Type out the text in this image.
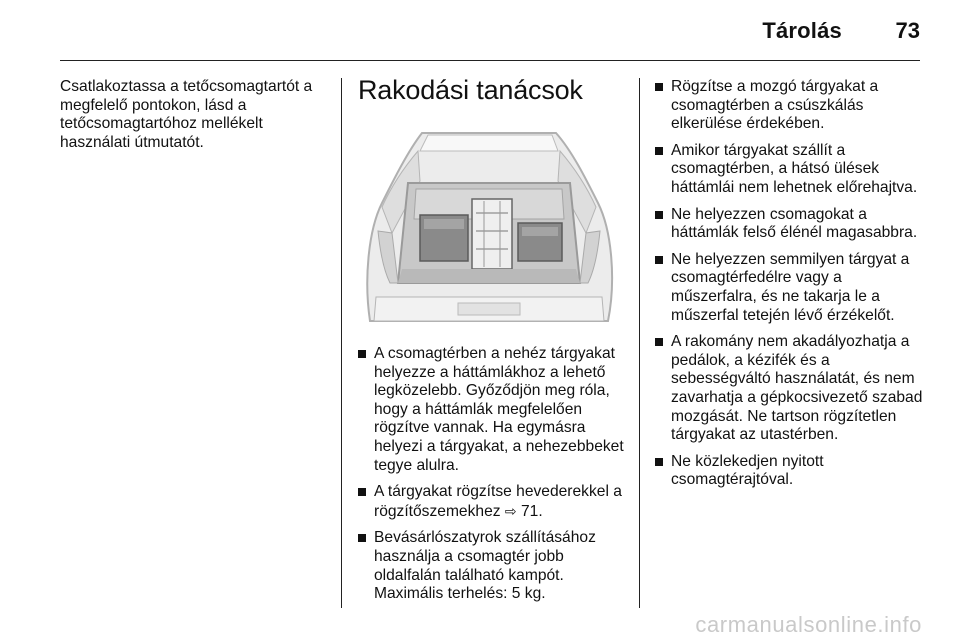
Tárolás 73

Csatlakoztassa a tetőcsomagtartót a megfelelő pontokon, lásd a tetőcsomagtartóhoz mellékelt használati útmutatót.

Rakodási tanácsok
A csomagtérben a nehéz tárgyakat helyezze a háttámlákhoz a lehető legközelebb. Győződjön meg róla, hogy a háttámlák megfelelően rögzítve vannak. Ha egymásra helyezi a tárgyakat, a nehezebbeket tegye alulra.
A tárgyakat rögzítse hevederekkel a rögzítőszemekhez ⇨ 71.
Bevásárlószatyrok szállításához használja a csomagtér jobb oldalfalán található kampót. Maximális terhelés: 5 kg.
Rögzítse a mozgó tárgyakat a csomagtérben a csúszkálás elkerülése érdekében.
Amikor tárgyakat szállít a csomagtérben, a hátsó ülések háttámlái nem lehetnek előrehajtva.
Ne helyezzen csomagokat a háttámlák felső élénél magasabbra.
Ne helyezzen semmilyen tárgyat a csomagtérfedélre vagy a műszerfalra, és ne takarja le a műszerfal tetején lévő érzékelőt.
A rakomány nem akadályozhatja a pedálok, a kézifék és a sebességváltó használatát, és nem zavarhatja a gépkocsivezető szabad mozgását. Ne tartson rögzítetlen tárgyakat az utastérben.
Ne közlekedjen nyitott csomagtérajtóval.
carmanualsonline.info
